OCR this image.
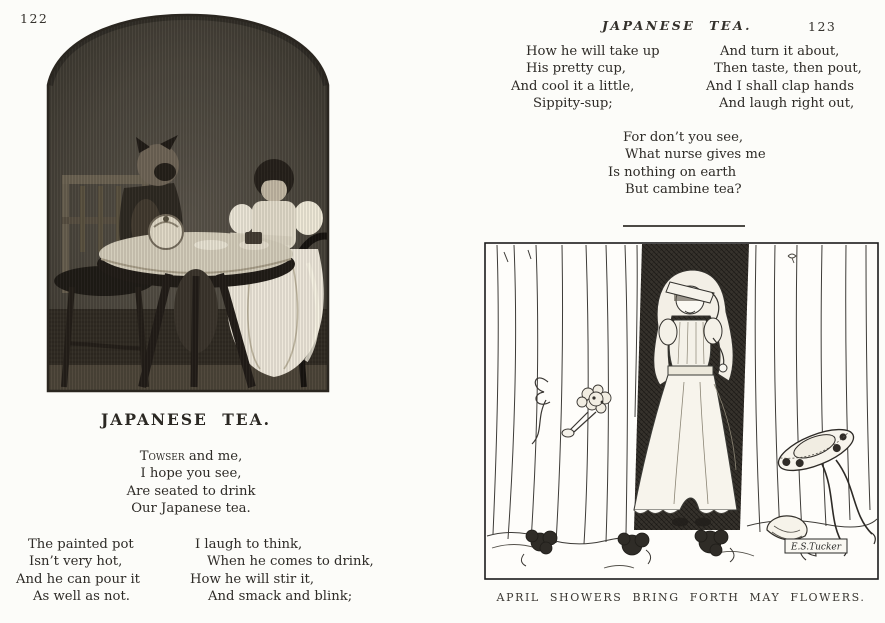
122
JAPANESE TEA.
Towser and me,
I hope you see,
Are seated to drink
Our Japanese tea.
The painted pot
Isn’t very hot,
And he can pour it
As well as not.
I laugh to think,
When he comes to drink,
How he will stir it,
And smack and blink;
JAPANESE TEA.	123
How he will take up
His pretty cup,
And cool it a little,
Sippity-sup;
And turn it about,
Then taste, then pout,
And I shall clap hands
And laugh right out,
For don’t you see,
What nurse gives me
Is nothing on earth
But cambine tea?
E.S.Tucker
APRIL SHOWERS BRING FORTH MAY FLOWERS.
